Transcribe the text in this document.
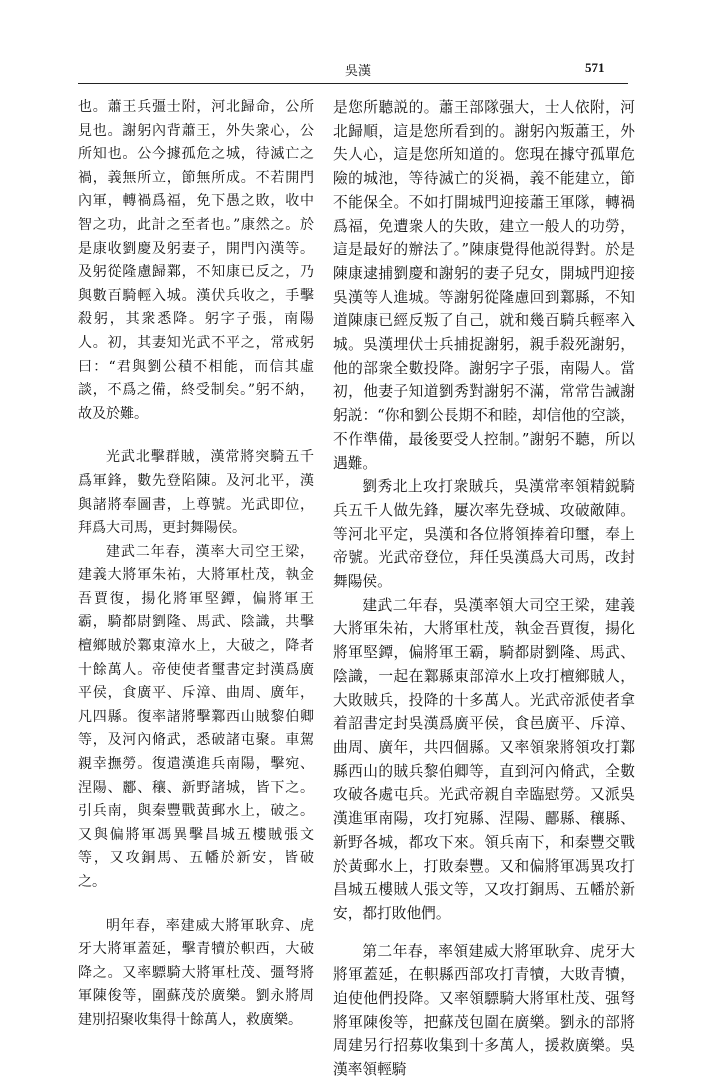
吳漢	571

也。蕭王兵彊士附，河北歸命，公所見也。謝躬內背蕭王，外失衆心，公所知也。公今據孤危之城，待滅亡之禍，義無所立，節無所成。不若開門內軍，轉禍爲福，免下愚之敗，收中智之功，此計之至者也。”康然之。於是康收劉慶及躬妻子，開門內漢等。及躬從隆慮歸鄴，不知康已反之，乃與數百騎輕入城。漢伏兵收之，手擊殺躬，其衆悉降。躬字子張，南陽人。初，其妻知光武不平之，常戒躬曰：“君與劉公積不相能，而信其虛談，不爲之備，終受制矣。”躬不納，故及於難。

光武北擊群賊，漢常將突騎五千爲軍鋒，數先登陷陳。及河北平，漢與諸將奉圖書，上尊號。光武即位，拜爲大司馬，更封舞陽侯。

建武二年春，漢率大司空王梁，建義大將軍朱祐，大將軍杜茂，執金吾賈復，揚化將軍堅鐔，偏將軍王霸，騎都尉劉隆、馬武、陰識，共擊檀鄉賊於鄴東漳水上，大破之，降者十餘萬人。帝使使者璽書定封漢爲廣平侯，食廣平、斥漳、曲周、廣年，凡四縣。復率諸將擊鄴西山賊黎伯卿等，及河內脩武，悉破諸屯聚。車駕親幸撫勞。復遣漢進兵南陽，擊宛、涅陽、酈、穰、新野諸城，皆下之。引兵南，與秦豐戰黃郵水上，破之。又與偏將軍馮異擊昌城五樓賊張文等，又攻銅馬、五幡於新安，皆破之。

明年春，率建威大將軍耿弇、虎牙大將軍蓋延，擊青犢於軹西，大破降之。又率驃騎大將軍杜茂、彊弩將軍陳俊等，圍蘇茂於廣樂。劉永將周建別招聚收集得十餘萬人，救廣樂。

是您所聽説的。蕭王部隊强大，士人依附，河北歸順，這是您所看到的。謝躬內叛蕭王，外失人心，這是您所知道的。您現在據守孤單危險的城池，等待滅亡的災禍，義不能建立，節不能保全。不如打開城門迎接蕭王軍隊，轉禍爲福，免遭衆人的失敗，建立一般人的功勞，這是最好的辦法了。”陳康覺得他説得對。於是陳康逮捕劉慶和謝躬的妻子兒女，開城門迎接吳漢等人進城。等謝躬從隆慮回到鄴縣，不知道陳康已經反叛了自己，就和幾百騎兵輕率入城。吳漢埋伏士兵捕捉謝躬，親手殺死謝躬，他的部衆全數投降。謝躬字子張，南陽人。當初，他妻子知道劉秀對謝躬不滿，常常告誡謝躬説：“你和劉公長期不和睦，却信他的空談，不作準備，最後要受人控制。”謝躬不聽，所以遇難。

劉秀北上攻打衆賊兵，吳漢常率領精鋭騎兵五千人做先鋒，屢次率先登城、攻破敵陣。等河北平定，吳漢和各位將領捧着印璽，奉上帝號。光武帝登位，拜任吳漢爲大司馬，改封舞陽侯。

建武二年春，吳漢率領大司空王梁，建義大將軍朱祐，大將軍杜茂，執金吾賈復，揚化將軍堅鐔，偏將軍王霸，騎都尉劉隆、馬武、陰識，一起在鄴縣東部漳水上攻打檀鄉賊人，大敗賊兵，投降的十多萬人。光武帝派使者拿着詔書定封吳漢爲廣平侯，食邑廣平、斥漳、曲周、廣年，共四個縣。又率領衆將領攻打鄴縣西山的賊兵黎伯卿等，直到河內脩武，全數攻破各處屯兵。光武帝親自幸臨慰勞。又派吳漢進軍南陽，攻打宛縣、涅陽、酈縣、穰縣、新野各城，都攻下來。領兵南下，和秦豐交戰於黃郵水上，打敗秦豐。又和偏將軍馮異攻打昌城五樓賊人張文等，又攻打銅馬、五幡於新安，都打敗他們。

第二年春，率領建威大將軍耿弇、虎牙大將軍蓋延，在軹縣西部攻打青犢，大敗青犢，迫使他們投降。又率領驃騎大將軍杜茂、强弩將軍陳俊等，把蘇茂包圍在廣樂。劉永的部將周建另行招募收集到十多萬人，援救廣樂。吳漢率領輕騎
